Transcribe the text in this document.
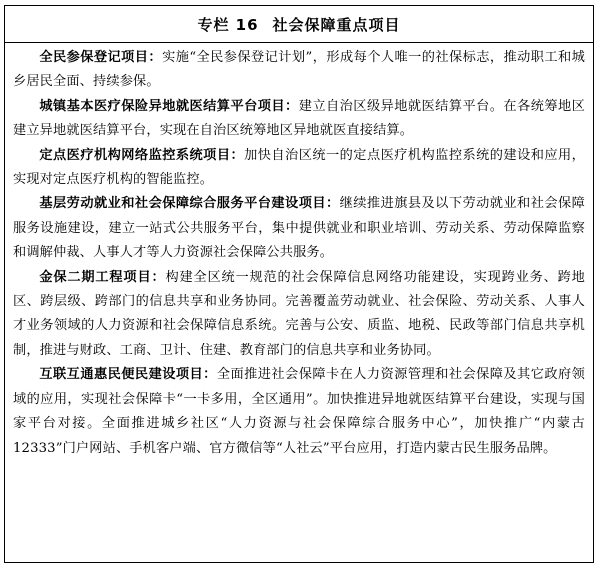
专栏 16 社会保障重点项目

全民参保登记项目：实施“全民参保登记计划”，形成每个人唯一的社保标志，推动职工和城乡居民全面、持续参保。

城镇基本医疗保险异地就医结算平台项目：建立自治区级异地就医结算平台。在各统筹地区建立异地就医结算平台，实现在自治区统筹地区异地就医直接结算。

定点医疗机构网络监控系统项目：加快自治区统一的定点医疗机构监控系统的建设和应用，实现对定点医疗机构的智能监控。

基层劳动就业和社会保障综合服务平台建设项目：继续推进旗县及以下劳动就业和社会保障服务设施建设，建立一站式公共服务平台，集中提供就业和职业培训、劳动关系、劳动保障监察和调解仲裁、人事人才等人力资源社会保障公共服务。

金保二期工程项目：构建全区统一规范的社会保障信息网络功能建设，实现跨业务、跨地区、跨层级、跨部门的信息共享和业务协同。完善覆盖劳动就业、社会保险、劳动关系、人事人才业务领域的人力资源和社会保障信息系统。完善与公安、质监、地税、民政等部门信息共享机制，推进与财政、工商、卫计、住建、教育部门的信息共享和业务协同。

互联互通惠民便民建设项目：全面推进社会保障卡在人力资源管理和社会保障及其它政府领域的应用，实现社会保障卡“一卡多用，全区通用”。加快推进异地就医结算平台建设，实现与国家平台对接。全面推进城乡社区“人力资源与社会保障综合服务中心”，加快推广“内蒙古12333”门户网站、手机客户端、官方微信等“人社云”平台应用，打造内蒙古民生服务品牌。
